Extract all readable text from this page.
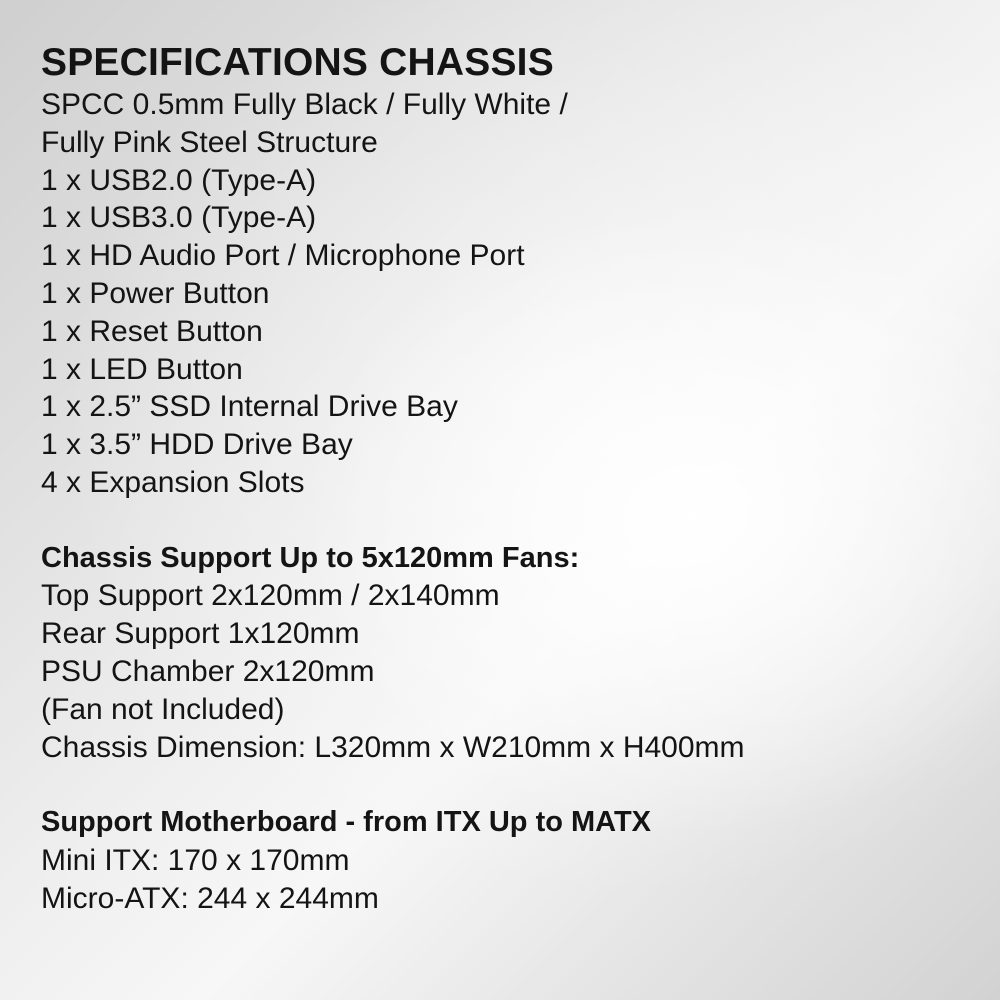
SPECIFICATIONS CHASSIS

SPCC 0.5mm Fully Black / Fully White /

Fully Pink Steel Structure

1 x USB2.0 (Type-A)

1 x USB3.0 (Type-A)

1 x HD Audio Port / Microphone Port

1 x Power Button

1 x Reset Button

1 x LED Button

1 x 2.5” SSD Internal Drive Bay

1 x 3.5” HDD Drive Bay

4 x Expansion Slots

Chassis Support Up to 5x120mm Fans:

Top Support 2x120mm / 2x140mm

Rear Support 1x120mm

PSU Chamber 2x120mm

(Fan not Included)

Chassis Dimension: L320mm x W210mm x H400mm

Support Motherboard - from ITX Up to MATX

Mini ITX: 170 x 170mm

Micro-ATX: 244 x 244mm
